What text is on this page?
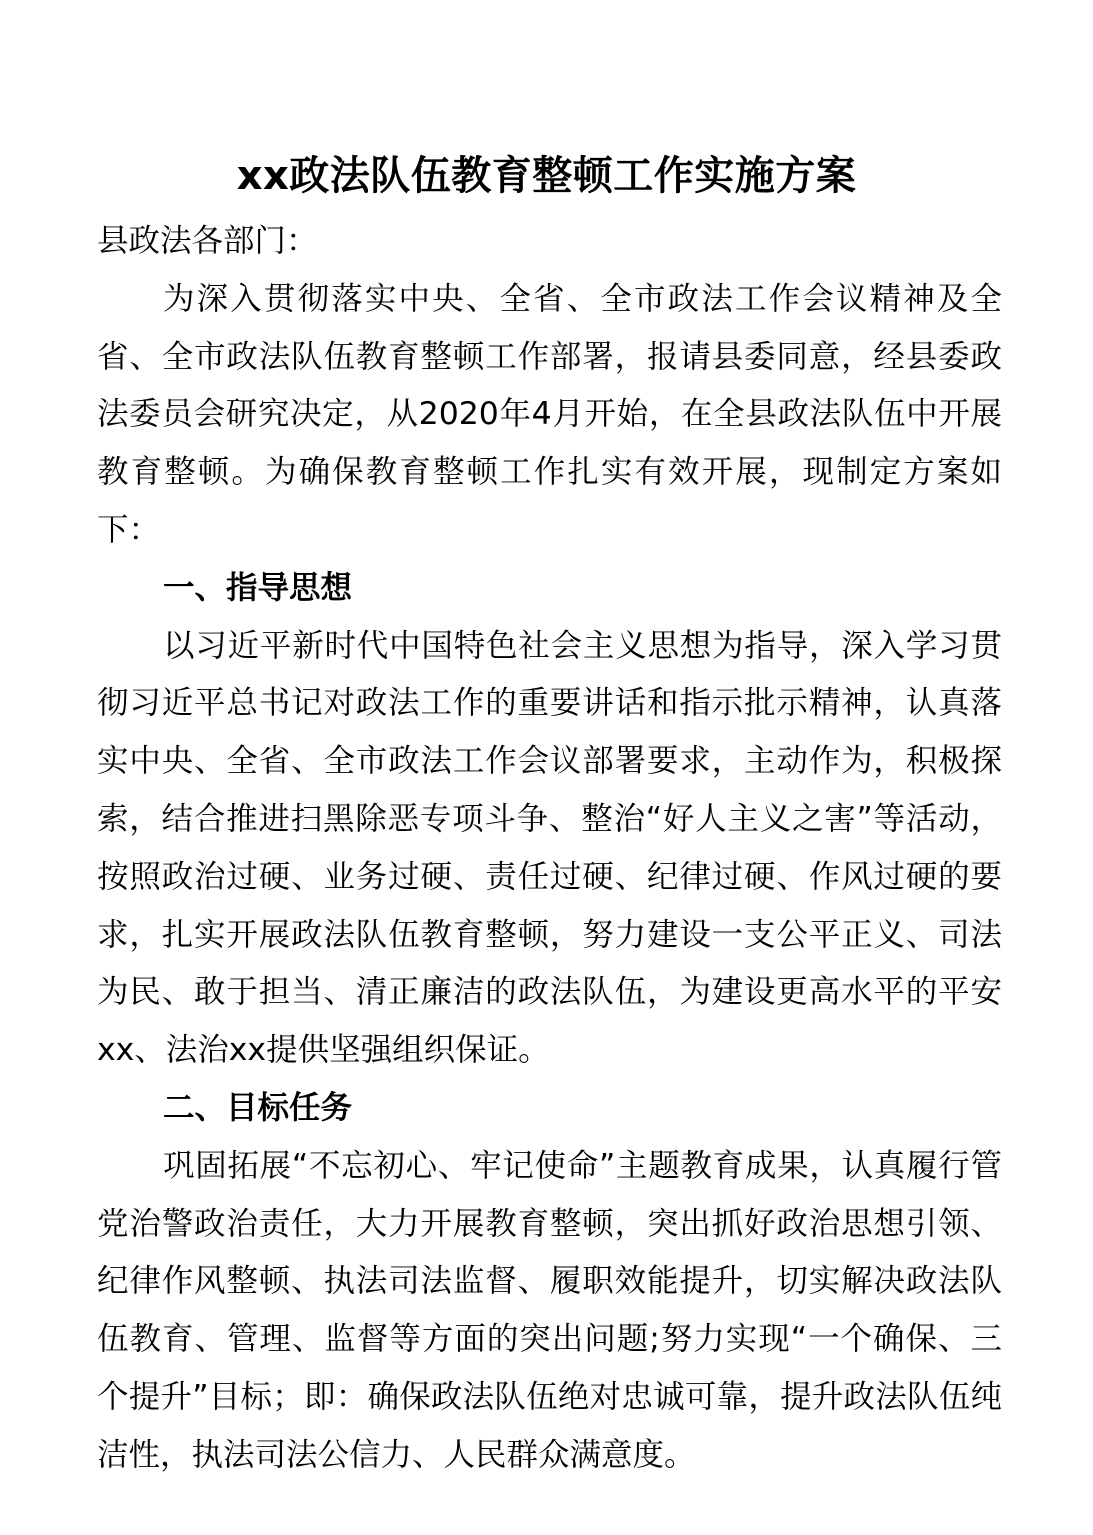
xx政法队伍教育整顿工作实施方案

县政法各部门：

为深入贯彻落实中央、全省、全市政法工作会议精神及全省、全市政法队伍教育整顿工作部署，报请县委同意，经县委政法委员会研究决定，从2020年4月开始，在全县政法队伍中开展教育整顿。为确保教育整顿工作扎实有效开展，现制定方案如下：

一、指导思想

以习近平新时代中国特色社会主义思想为指导，深入学习贯彻习近平总书记对政法工作的重要讲话和指示批示精神，认真落实中央、全省、全市政法工作会议部署要求，主动作为，积极探索，结合推进扫黑除恶专项斗争、整治“好人主义之害”等活动，按照政治过硬、业务过硬、责任过硬、纪律过硬、作风过硬的要求，扎实开展政法队伍教育整顿，努力建设一支公平正义、司法为民、敢于担当、清正廉洁的政法队伍，为建设更高水平的平安xx、法治xx提供坚强组织保证。

二、目标任务

巩固拓展“不忘初心、牢记使命”主题教育成果，认真履行管党治警政治责任，大力开展教育整顿，突出抓好政治思想引领、纪律作风整顿、执法司法监督、履职效能提升，切实解决政法队伍教育、管理、监督等方面的突出问题;努力实现“一个确保、三个提升”目标；即：确保政法队伍绝对忠诚可靠，提升政法队伍纯洁性，执法司法公信力、人民群众满意度。
